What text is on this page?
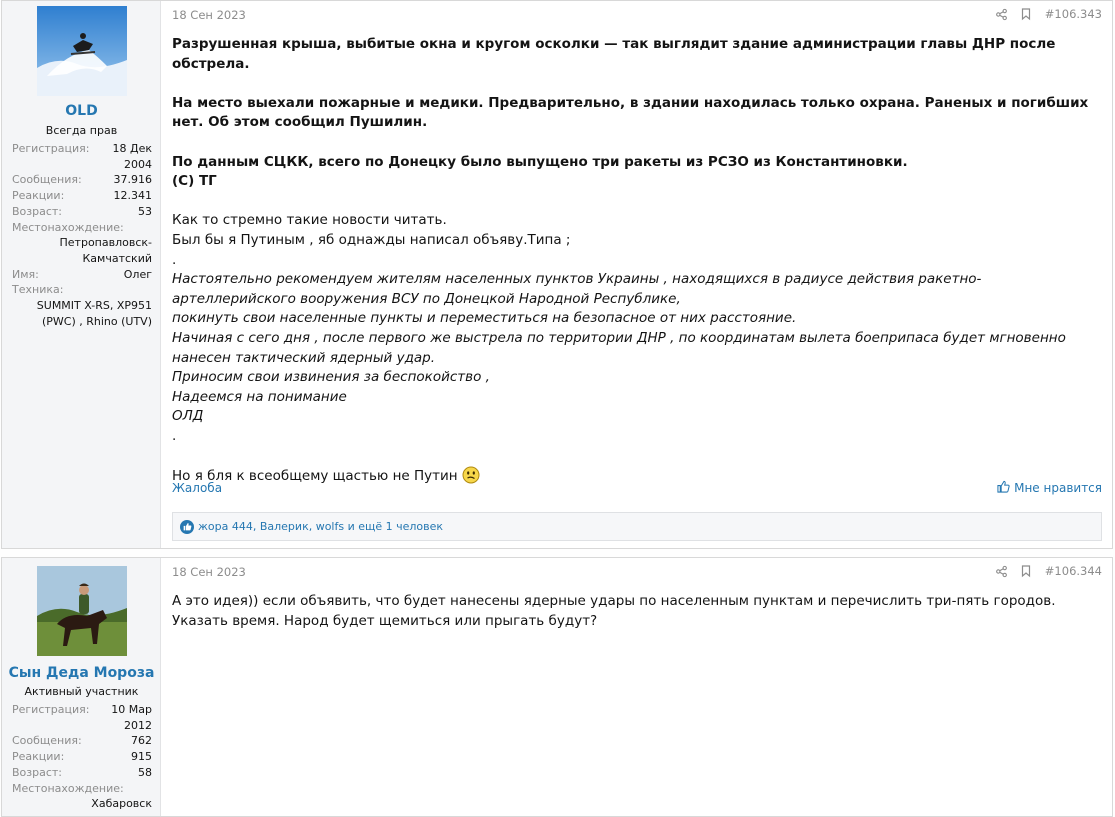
OLD
Всегда прав
Регистрация:	18 Дек 2004
Сообщения:	37.916
Реакции:	12.341
Возраст:	53
Местонахождение:
Петропавловск-
Камчатский
Имя:	Олег
Техника:
SUMMIT X-RS, XP951
(PWC) , Rhino (UTV)
18 Сен 2023	#106.343

Разрушенная крыша, выбитые окна и кругом осколки — так выглядит здание администрации главы ДНР после обстрела.

На место выехали пожарные и медики. Предварительно, в здании находилась только охрана. Раненых и погибших нет. Об этом сообщил Пушилин.

По данным СЦКК, всего по Донецку было выпущено три ракеты из РСЗО из Константиновки.

(С) ТГ

Как то стремно такие новости читать.

Был бы я Путиным , яб однажды написал объяву.Типа ;

.

Настоятельно рекомендуем жителям населенных пунктов Украины , находящихся в радиусе действия ракетно-артеллерийского вооружения ВСУ по Донецкой Народной Республике,

покинуть свои населенные пункты и переместиться на безопасное от них расстояние.

Начиная с сего дня , после первого же выстрела по территории ДНР , по координатам вылета боеприпаса будет мгновенно нанесен тактический ядерный удар.

Приносим свои извинения за беспокойство ,

Надеемся на понимание

ОЛД

.

Но я бля к всеобщему щастью не Путин

Жалоба	Мне нравится
жора 444, Валерик, wolfs и ещё 1 человек
Сын Деда Мороза
Активный участник
Регистрация:	10 Мар 2012
Сообщения:	762
Реакции:	915
Возраст:	58
Местонахождение:
Хабаровск
18 Сен 2023	#106.344

А это идея)) если объявить, что будет нанесены ядерные удары по населенным пунктам и перечислить три-пять городов. Указать время. Народ будет щемиться или прыгать будут?
